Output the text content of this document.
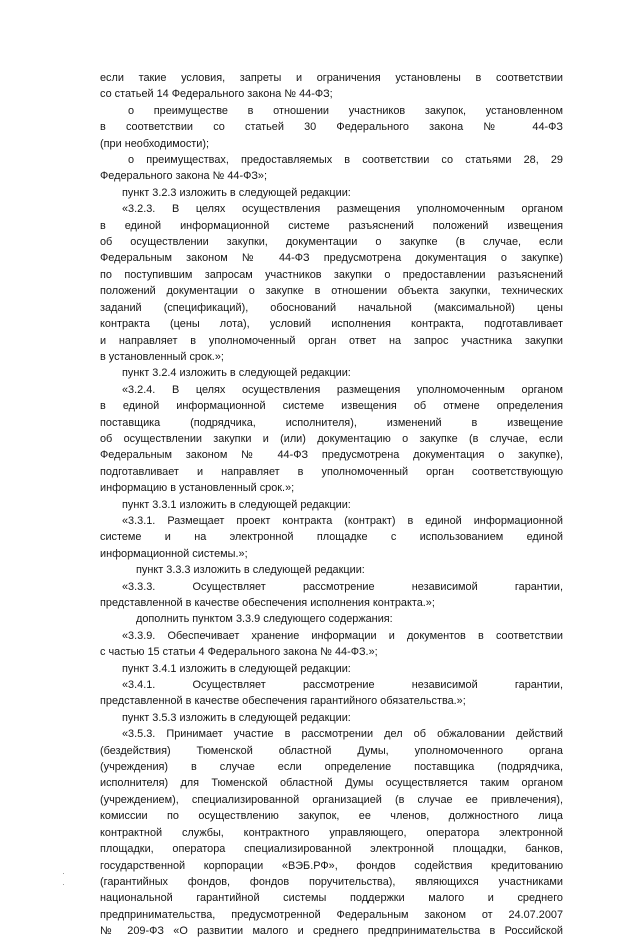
если такие условия, запреты и ограничения установлены в соответствии

со статьей 14 Федерального закона № 44-ФЗ;

о преимуществе в отношении участников закупок, установленном

в соответствии со статьей 30 Федерального закона № 44-ФЗ

(при необходимости);

о преимуществах, предоставляемых в соответствии со статьями 28, 29

Федерального закона № 44-ФЗ»;

пункт 3.2.3 изложить в следующей редакции:

«3.2.3. В целях осуществления размещения уполномоченным органом

в единой информационной системе разъяснений положений извещения

об осуществлении закупки, документации о закупке (в случае, если

Федеральным законом № 44-ФЗ предусмотрена документация о закупке)

по поступившим запросам участников закупки о предоставлении разъяснений

положений документации о закупке в отношении объекта закупки, технических

заданий (спецификаций), обоснований начальной (максимальной) цены

контракта (цены лота), условий исполнения контракта, подготавливает

и направляет в уполномоченный орган ответ на запрос участника закупки

в установленный срок.»;

пункт 3.2.4 изложить в следующей редакции:

«3.2.4. В целях осуществления размещения уполномоченным органом

в единой информационной системе извещения об отмене определения

поставщика (подрядчика, исполнителя), изменений в извещение

об осуществлении закупки и (или) документацию о закупке (в случае, если

Федеральным законом № 44-ФЗ предусмотрена документация о закупке),

подготавливает и направляет в уполномоченный орган соответствующую

информацию в установленный срок.»;

пункт 3.3.1 изложить в следующей редакции:

«3.3.1. Размещает проект контракта (контракт) в единой информационной

системе и на электронной площадке с использованием единой

информационной системы.»;

пункт 3.3.3 изложить в следующей редакции:

«3.3.3. Осуществляет рассмотрение независимой гарантии,

представленной в качестве обеспечения исполнения контракта.»;

дополнить пунктом 3.3.9 следующего содержания:

«3.3.9. Обеспечивает хранение информации и документов в соответствии

с частью 15 статьи 4 Федерального закона № 44-ФЗ.»;

пункт 3.4.1 изложить в следующей редакции:

«3.4.1. Осуществляет рассмотрение независимой гарантии,

представленной в качестве обеспечения гарантийного обязательства.»;

пункт 3.5.3 изложить в следующей редакции:

«3.5.3. Принимает участие в рассмотрении дел об обжаловании действий

(бездействия) Тюменской областной Думы, уполномоченного органа

(учреждения) в случае если определение поставщика (подрядчика,

исполнителя) для Тюменской областной Думы осуществляется таким органом

(учреждением), специализированной организацией (в случае ее привлечения),

комиссии по осуществлению закупок, ее членов, должностного лица

контрактной службы, контрактного управляющего, оператора электронной

площадки, оператора специализированной электронной площадки, банков,

государственной корпорации «ВЭБ.РФ», фондов содействия кредитованию

(гарантийных фондов, фондов поручительства), являющихся участниками

национальной гарантийной системы поддержки малого и среднего

предпринимательства, предусмотренной Федеральным законом от 24.07.2007

№ 209-ФЗ «О развитии малого и среднего предпринимательства в Российской
